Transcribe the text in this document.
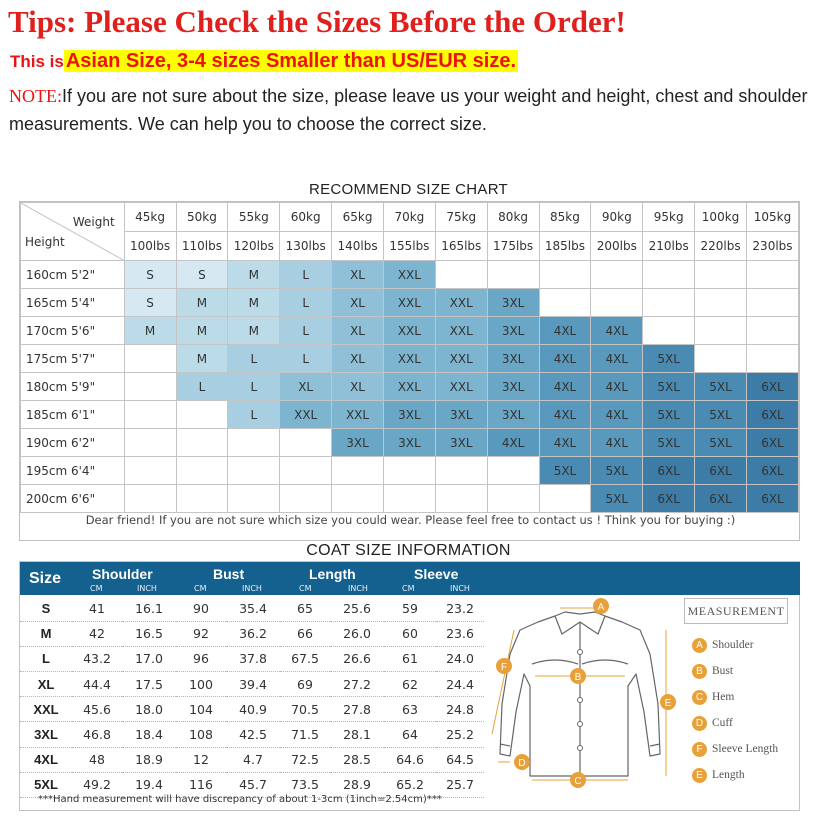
Tips: Please Check the Sizes Before the Order!
This is Asian Size, 3-4 sizes Smaller than US/EUR size.
NOTE:If you are not sure about the size, please leave us your weight and height, chest and shoulder measurements. We can help you to choose the correct size.
RECOMMEND SIZE CHART
Weight
Height	45kg	50kg	55kg	60kg	65kg	70kg	75kg	80kg	85kg	90kg	95kg	100kg	105kg
	100lbs	110lbs	120lbs	130lbs	140lbs	155lbs	165lbs	175lbs	185lbs	200lbs	210lbs	220lbs	230lbs
160cm 5'2"	S	S	M	L	XL	XXL							
165cm 5'4"	S	M	M	L	XL	XXL	XXL	3XL					
170cm 5'6"	M	M	M	L	XL	XXL	XXL	3XL	4XL	4XL			
175cm 5'7"		M	L	L	XL	XXL	XXL	3XL	4XL	4XL	5XL		
180cm 5'9"		L	L	XL	XL	XXL	XXL	3XL	4XL	4XL	5XL	5XL	6XL
185cm 6'1"			L	XXL	XXL	3XL	3XL	3XL	4XL	4XL	5XL	5XL	6XL
190cm 6'2"					3XL	3XL	3XL	4XL	4XL	4XL	5XL	5XL	6XL
195cm 6'4"									5XL	5XL	6XL	6XL	6XL
200cm 6'6"										5XL	6XL	6XL	6XL
Dear friend! If you are not sure which size you could wear. Please feel free to contact us ! Think you for buying :)
COAT SIZE INFORMATION
Size Shoulder	Bust	Length	Sleeve
CM	INCH	CM	INCH	CM	INCH	CM	INCH
S	41	16.1	90	35.4	65	25.6	59	23.2
M	42	16.5	92	36.2	66	26.0	60	23.6
L	43.2	17.0	96	37.8	67.5	26.6	61	24.0
XL	44.4	17.5	100	39.4	69	27.2	62	24.4
XXL	45.6	18.0	104	40.9	70.5	27.8	63	24.8
3XL	46.8	18.4	108	42.5	71.5	28.1	64	25.2
4XL	48	18.9	12	4.7	72.5	28.5	64.6	64.5
5XL	49.2	19.4	116	45.7	73.5	28.9	65.2	25.7
***Hand measurement will have discrepancy of about 1-3cm (1inch=2.54cm)***
MEASUREMENT
A Shoulder
B Bust
C Hem
D Cuff
F Sleeve Length
E Length
A
B
C
D
E
F
